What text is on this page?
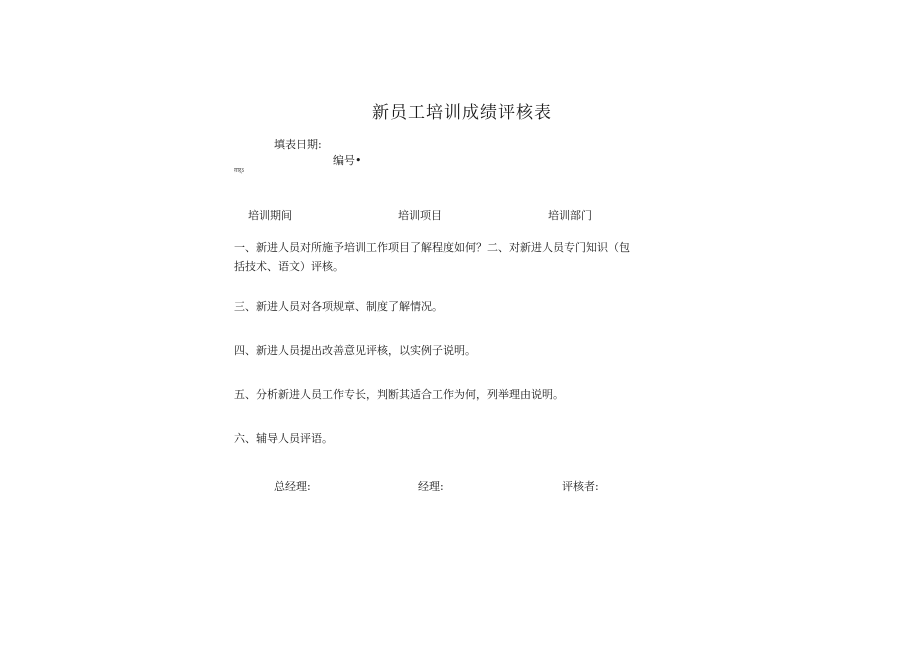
新员工培训成绩评核表
填表日期:
编号•
ग़ाऱ्ऽ
培训期间	培训项目	培训部门
一、新进人员对所施予培训工作项目了解程度如何？二、对新进人员专门知识（包括技术、语文）评核。
三、新进人员对各项规章、制度了解情况。
四、新进人员提出改善意见评核，以实例子说明。
五、分析新进人员工作专长，判断其适合工作为何，列举理由说明。
六、辅导人员评语。
总经理:	经理:	评核者:
